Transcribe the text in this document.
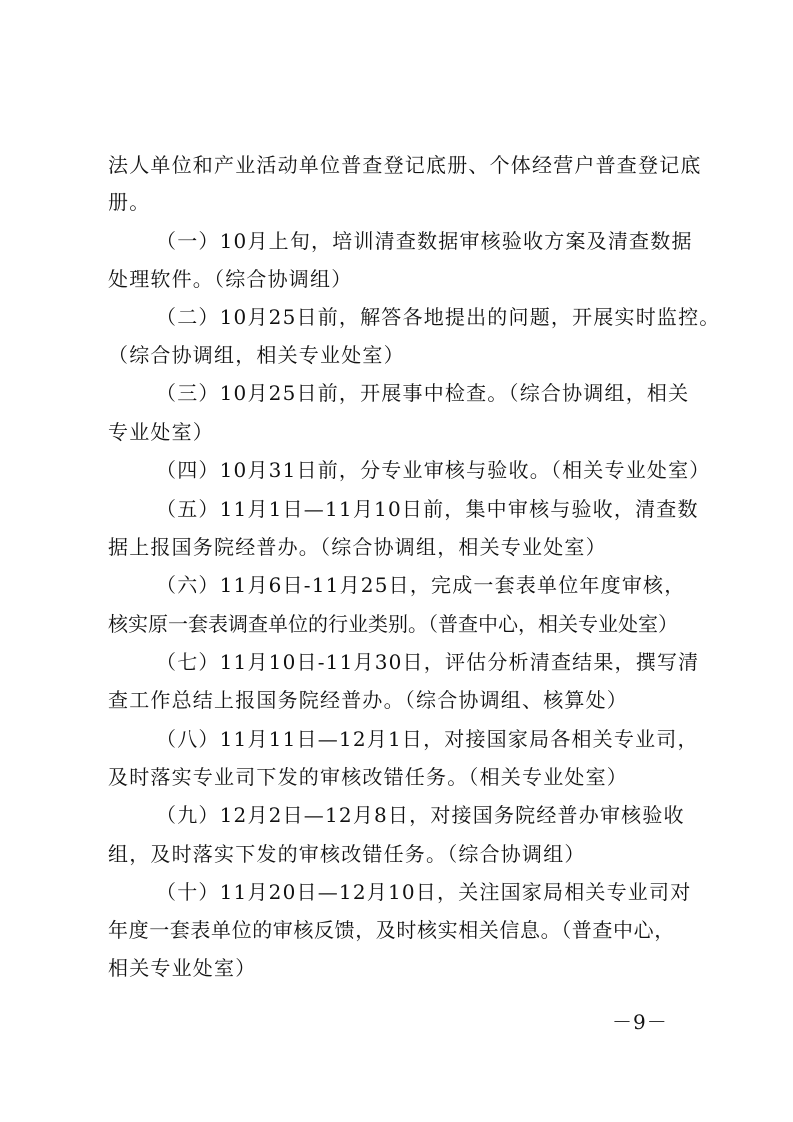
法人单位和产业活动单位普查登记底册、个体经营户普查登记底
册。
（一）10月上旬，培训清查数据审核验收方案及清查数据
处理软件。（综合协调组）
（二）10月25日前，解答各地提出的问题，开展实时监控。
（综合协调组，相关专业处室）
（三）10月25日前，开展事中检查。（综合协调组，相关
专业处室）
（四）10月31日前，分专业审核与验收。（相关专业处室）
（五）11月1日—11月10日前，集中审核与验收，清查数
据上报国务院经普办。（综合协调组，相关专业处室）
（六）11月6日-11月25日，完成一套表单位年度审核，
核实原一套表调查单位的行业类别。（普查中心，相关专业处室）
（七）11月10日-11月30日，评估分析清查结果，撰写清
查工作总结上报国务院经普办。（综合协调组、核算处）
（八）11月11日—12月1日，对接国家局各相关专业司，
及时落实专业司下发的审核改错任务。（相关专业处室）
（九）12月2日—12月8日，对接国务院经普办审核验收
组，及时落实下发的审核改错任务。（综合协调组）
（十）11月20日—12月10日，关注国家局相关专业司对
年度一套表单位的审核反馈，及时核实相关信息。（普查中心，
相关专业处室）
－9－
